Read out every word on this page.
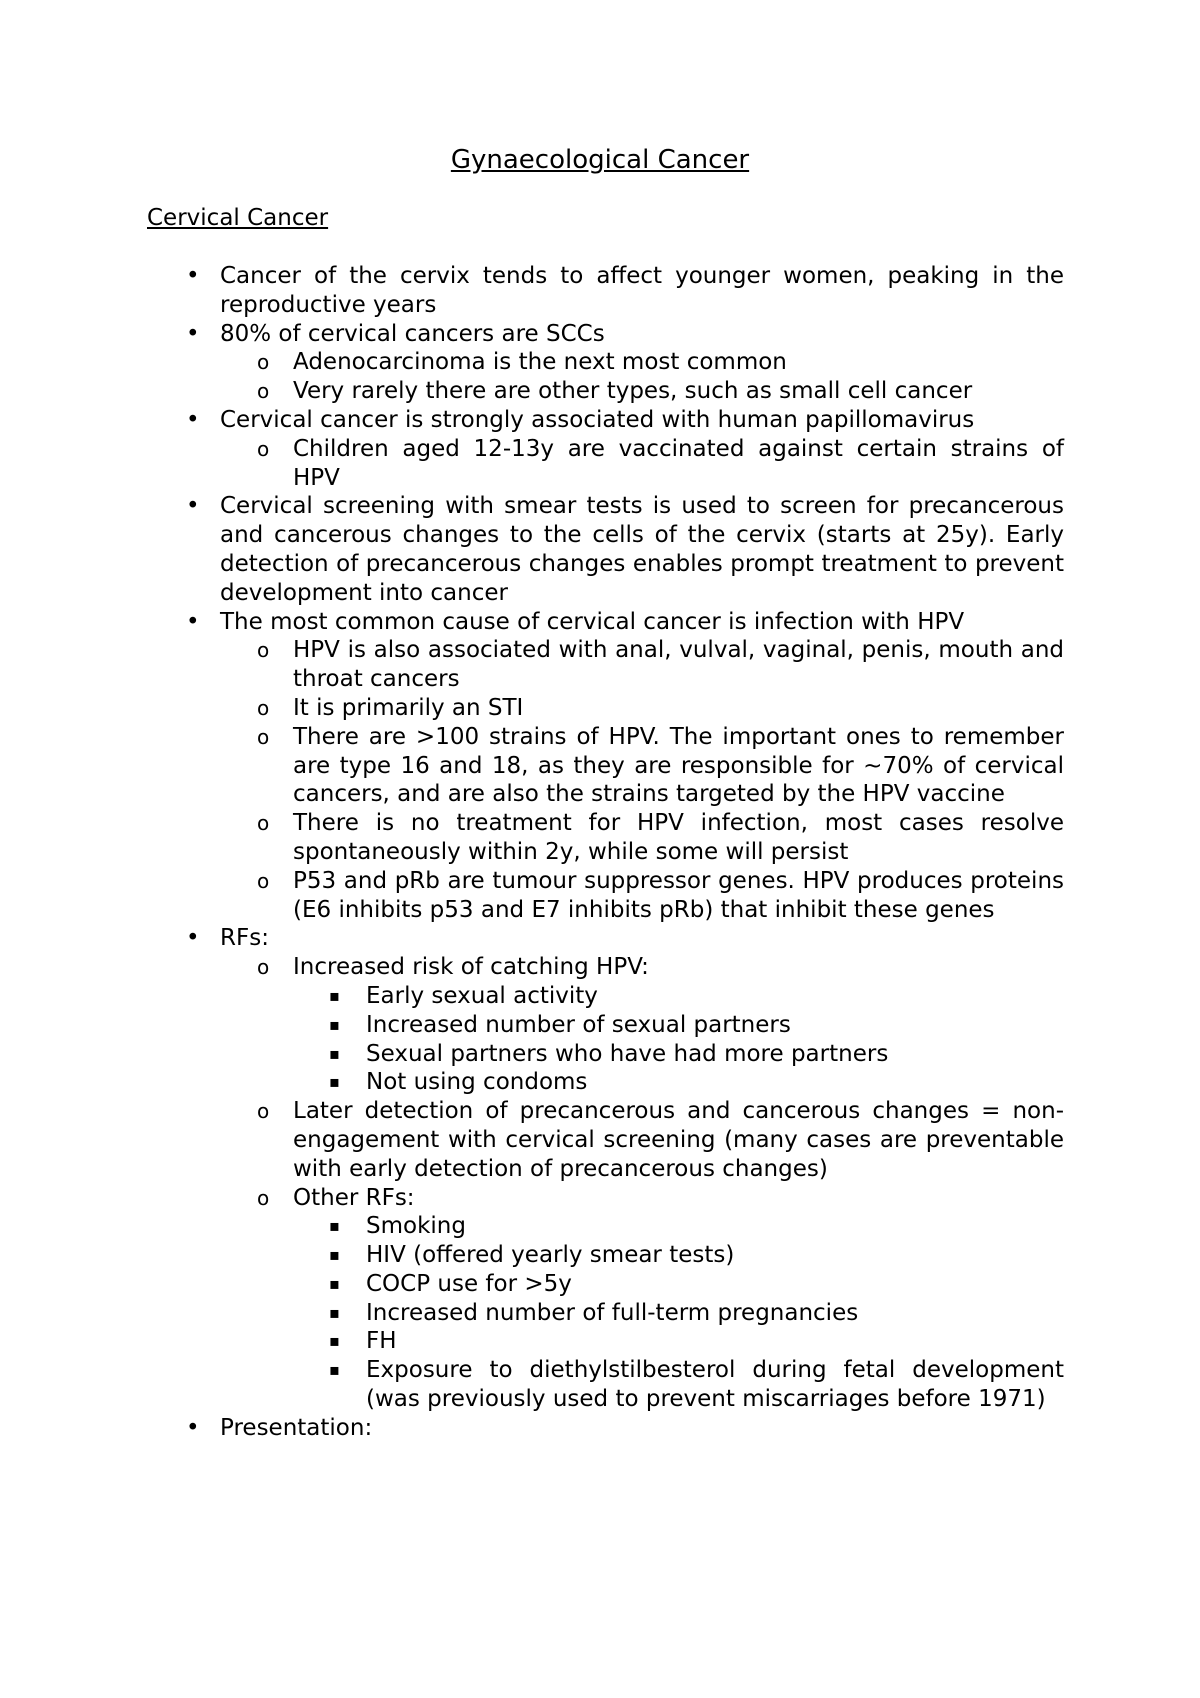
Gynaecological Cancer
Cervical Cancer
• Cancer of the cervix tends to affect younger women, peaking in the reproductive years
• 80% of cervical cancers are SCCs
o Adenocarcinoma is the next most common
o Very rarely there are other types, such as small cell cancer
• Cervical cancer is strongly associated with human papillomavirus
o Children aged 12-13y are vaccinated against certain strains of HPV
• Cervical screening with smear tests is used to screen for precancerous and cancerous changes to the cells of the cervix (starts at 25y). Early detection of precancerous changes enables prompt treatment to prevent development into cancer
• The most common cause of cervical cancer is infection with HPV
o HPV is also associated with anal, vulval, vaginal, penis, mouth and throat cancers
o It is primarily an STI
o There are >100 strains of HPV. The important ones to remember are type 16 and 18, as they are responsible for ~70% of cervical cancers, and are also the strains targeted by the HPV vaccine
o There is no treatment for HPV infection, most cases resolve spontaneously within 2y, while some will persist
o P53 and pRb are tumour suppressor genes. HPV produces proteins (E6 inhibits p53 and E7 inhibits pRb) that inhibit these genes
• RFs:
o Increased risk of catching HPV:
▪ Early sexual activity
▪ Increased number of sexual partners
▪ Sexual partners who have had more partners
▪ Not using condoms
o Later detection of precancerous and cancerous changes = non-engagement with cervical screening (many cases are preventable with early detection of precancerous changes)
o Other RFs:
▪ Smoking
▪ HIV (offered yearly smear tests)
▪ COCP use for >5y
▪ Increased number of full-term pregnancies
▪ FH
▪ Exposure to diethylstilbesterol during fetal development (was previously used to prevent miscarriages before 1971)
• Presentation:
